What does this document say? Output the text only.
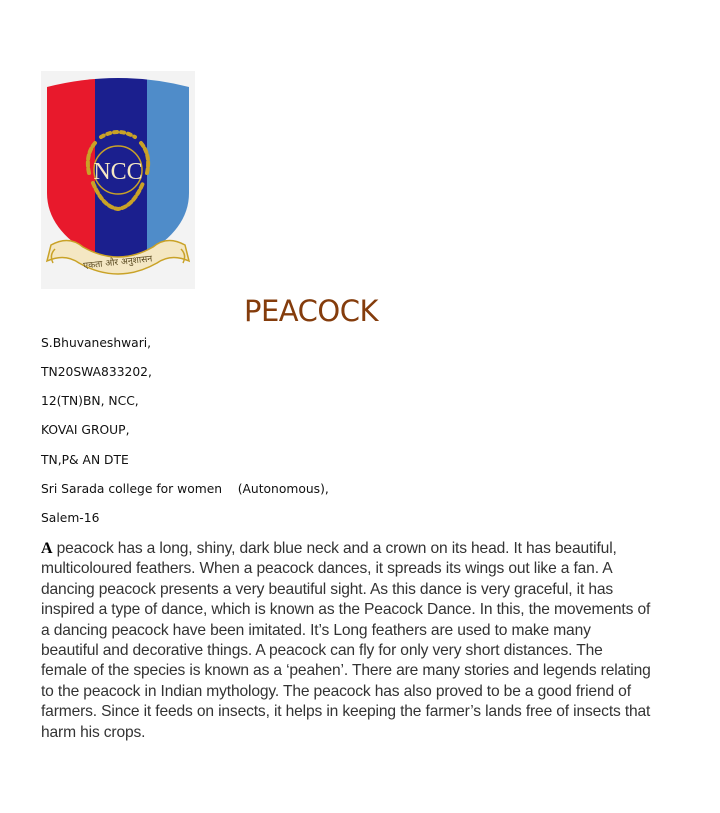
NCC
एकता और अनुशासन
PEACOCK
S.Bhuvaneshwari,
TN20SWA833202,
12(TN)BN, NCC,
KOVAI GROUP,
TN,P& AN DTE
Sri Sarada college for women    (Autonomous),
Salem-16

A peacock has a long, shiny, dark blue neck and a crown on its head. It has beautiful, multicoloured feathers. When a peacock dances, it spreads its wings out like a fan. A dancing peacock presents a very beautiful sight. As this dance is very graceful, it has inspired a type of dance, which is known as the Peacock Dance. In this, the movements of a dancing peacock have been imitated. It’s Long feathers are used to make many beautiful and decorative things. A peacock can fly for only very short distances. The female of the species is known as a ‘peahen’. There are many stories and legends relating to the peacock in Indian mythology. The peacock has also proved to be a good friend of farmers. Since it feeds on insects, it helps in keeping the farmer’s lands free of insects that harm his crops.
